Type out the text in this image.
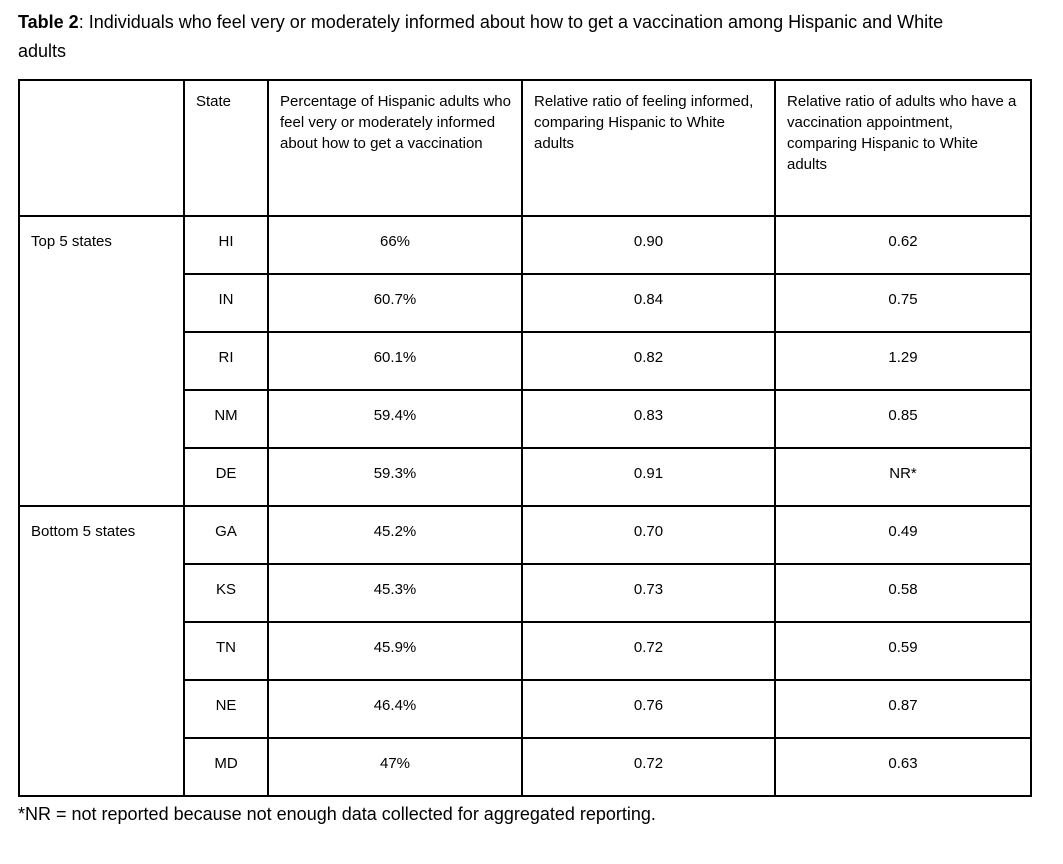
Table 2: Individuals who feel very or moderately informed about how to get a vaccination among Hispanic and White adults

	State	Percentage of Hispanic adults who feel very or moderately informed about how to get a vaccination	Relative ratio of feeling informed, comparing Hispanic to White adults	Relative ratio of adults who have a vaccination appointment, comparing Hispanic to White adults
Top 5 states	HI	66%	0.90	0.62
	IN	60.7%	0.84	0.75
	RI	60.1%	0.82	1.29
	NM	59.4%	0.83	0.85
	DE	59.3%	0.91	NR*
Bottom 5 states	GA	45.2%	0.70	0.49
	KS	45.3%	0.73	0.58
	TN	45.9%	0.72	0.59
	NE	46.4%	0.76	0.87
	MD	47%	0.72	0.63

*NR = not reported because not enough data collected for aggregated reporting.
